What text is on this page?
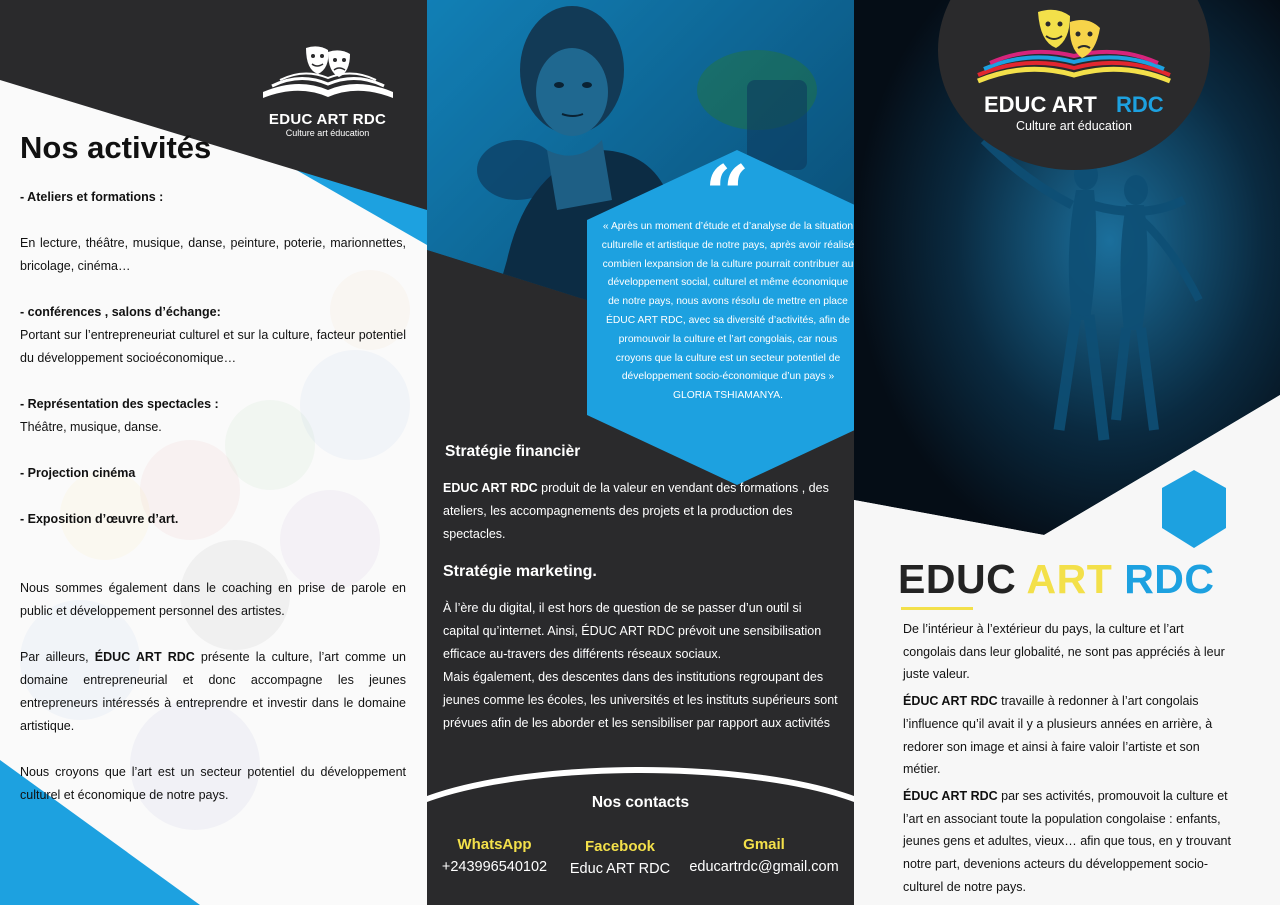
EDUC ART RDC
Culture art éducation
Nos activités
- Ateliers et formations :
En lecture, théâtre, musique, danse, peinture, poterie, marionnettes, bricolage, cinéma…
- conférences , salons d’échange:
Portant sur l’entrepreneuriat culturel et sur la culture, facteur potentiel du développement socioéconomique…
- Représentation des spectacles :
Théâtre, musique, danse.
- Projection cinéma
- Exposition d’œuvre d’art.

Nous sommes également dans le coaching en prise de parole en public et développement personnel des artistes.

Par ailleurs, ÉDUC ART RDC présente la culture, l’art comme un domaine entrepreneurial et donc accompagne les jeunes entrepreneurs intéressés à entreprendre et investir dans le domaine artistique.

Nous croyons que l’art est un secteur potentiel du développement culturel et économique de notre pays.

“
« Après un moment d’étude et d’analyse de la situation culturelle et artistique de notre pays, après avoir réalisé combien lexpansion de la culture pourrait contribuer au développement social, culturel et même économique de notre pays, nous avons résolu de mettre en place ÉDUC ART RDC, avec sa diversité d’activités, afin de promouvoir la culture et l’art congolais, car nous croyons que la culture est un secteur potentiel de développement socio-économique d’un pays » GLORIA TSHIAMANYA.
Stratégie financièr

EDUC ART RDC produit de la valeur en vendant des formations , des ateliers, les accompagnements des projets et la production des spectacles.

Stratégie marketing.

À l’ère du digital, il est hors de question de se passer d’un outil si capital qu’internet. Ainsi, ÉDUC ART RDC prévoit une sensibilisation efficace au-travers des différents réseaux sociaux.

Mais également, des descentes dans des institutions regroupant des jeunes comme les écoles, les universités et les instituts supérieurs sont prévues afin de les aborder et les sensibiliser par rapport aux activités

Nos contacts
WhatsApp
+243996540102
Facebook
Educ ART RDC
Gmail
educartrdc@gmail.com
EDUC ART RDC
Culture art éducation
EDUC ART RDC

De l’intérieur à l’extérieur du pays, la culture et l’art congolais dans leur globalité, ne sont pas appréciés à leur juste valeur.

ÉDUC ART RDC travaille à redonner à l’art congolais l’influence qu’il avait il y a plusieurs années en arrière, à redorer son image et ainsi à faire valoir l’artiste et son métier.

ÉDUC ART RDC par ses activités, promouvoit la culture et l’art en associant toute la population congolaise : enfants, jeunes gens et adultes, vieux… afin que tous, en y trouvant notre part, devenions acteurs du développement socio-culturel de notre pays.
